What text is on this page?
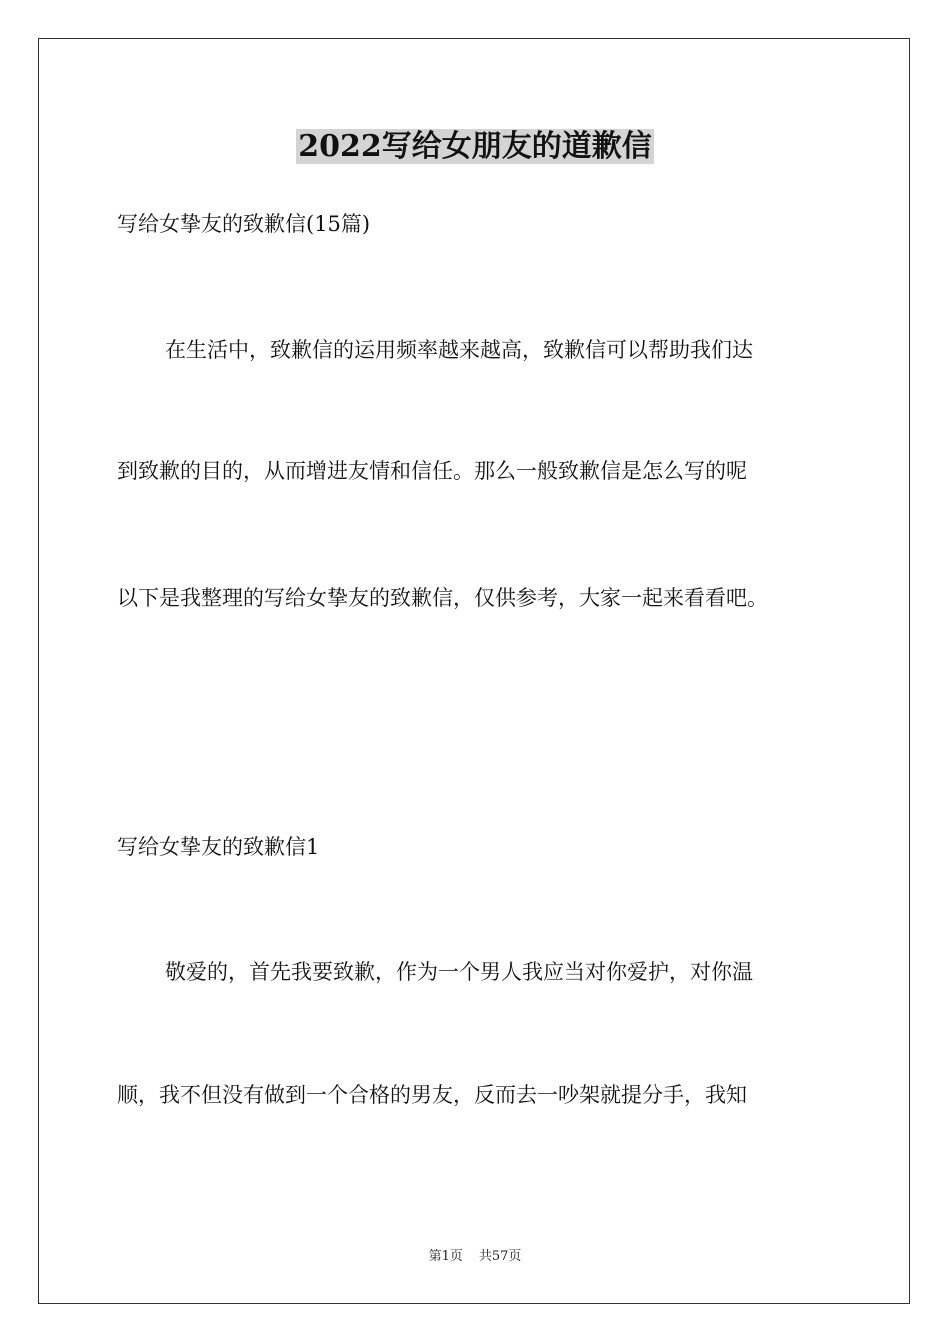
2022写给女朋友的道歉信

写给女挚友的致歉信(15篇)

在生活中，致歉信的运用频率越来越高，致歉信可以帮助我们达

到致歉的目的，从而增进友情和信任。那么一般致歉信是怎么写的呢

以下是我整理的写给女挚友的致歉信，仅供参考，大家一起来看看吧。

写给女挚友的致歉信1

敬爱的，首先我要致歉，作为一个男人我应当对你爱护，对你温

顺，我不但没有做到一个合格的男友，反而去一吵架就提分手，我知

第1页 共57页
